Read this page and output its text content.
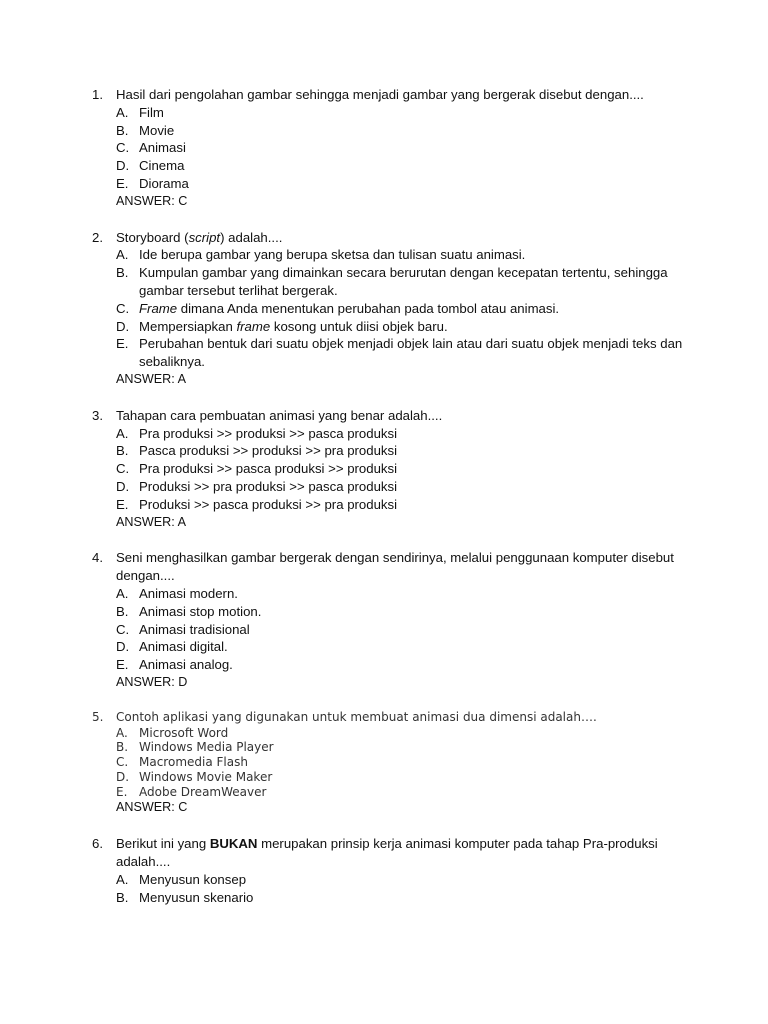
1. Hasil dari pengolahan gambar sehingga menjadi gambar yang bergerak disebut dengan....
A. Film
B. Movie
C. Animasi
D. Cinema
E. Diorama
ANSWER: C
2. Storyboard (script) adalah....
A. Ide berupa gambar yang berupa sketsa dan tulisan suatu animasi.
B. Kumpulan gambar yang dimainkan secara berurutan dengan kecepatan tertentu, sehingga gambar tersebut terlihat bergerak.
C. Frame dimana Anda menentukan perubahan pada tombol atau animasi.
D. Mempersiapkan frame kosong untuk diisi objek baru.
E. Perubahan bentuk dari suatu objek menjadi objek lain atau dari suatu objek menjadi teks dan sebaliknya.
ANSWER: A
3. Tahapan cara pembuatan animasi yang benar adalah....
A. Pra produksi >> produksi >> pasca produksi
B. Pasca produksi >> produksi >> pra produksi
C. Pra produksi >> pasca produksi >> produksi
D. Produksi >> pra produksi >> pasca produksi
E. Produksi >> pasca produksi >> pra produksi
ANSWER: A
4. Seni menghasilkan gambar bergerak dengan sendirinya, melalui penggunaan komputer disebut dengan....
A. Animasi modern.
B. Animasi stop motion.
C. Animasi tradisional
D. Animasi digital.
E. Animasi analog.
ANSWER: D
5.	Contoh aplikasi yang digunakan untuk membuat animasi dua dimensi adalah….
A. Microsoft Word
B. Windows Media Player
C. Macromedia Flash
D. Windows Movie Maker
E. Adobe DreamWeaver
ANSWER: C
6. Berikut ini yang BUKAN merupakan prinsip kerja animasi komputer pada tahap Pra-produksi adalah....
A. Menyusun konsep
B. Menyusun skenario
